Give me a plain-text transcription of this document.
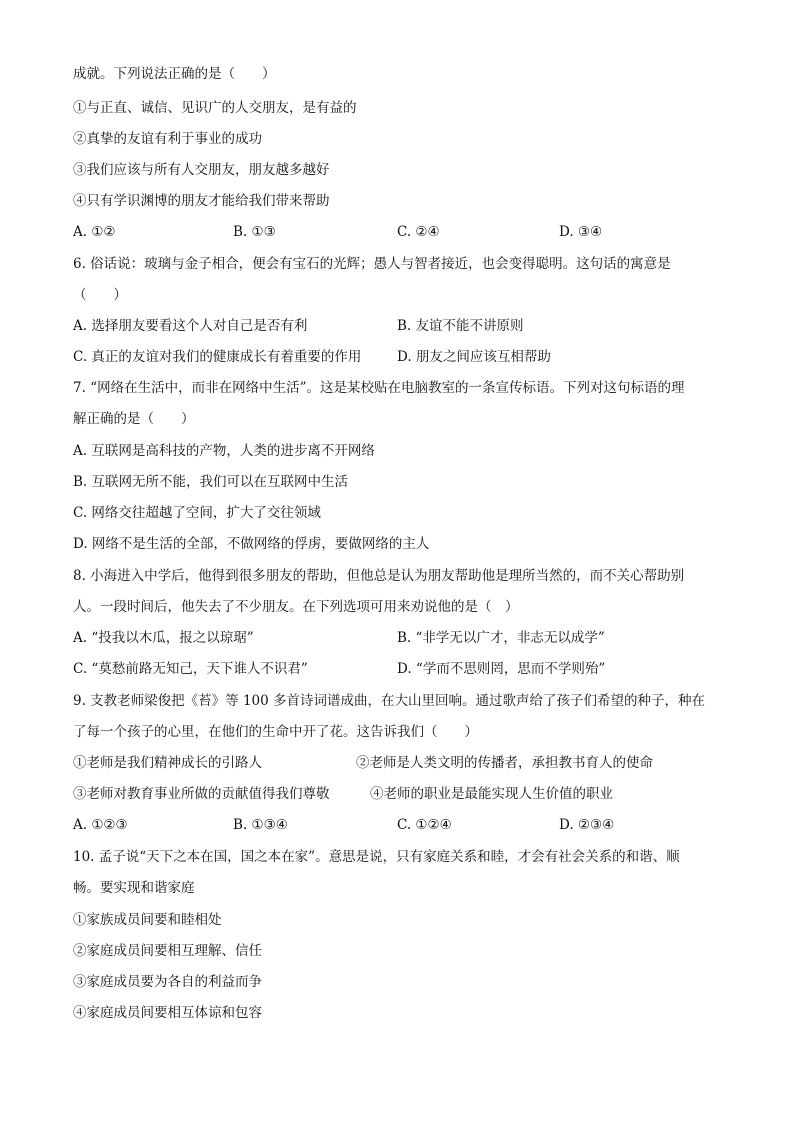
成就。下列说法正确的是（　　）
①与正直、诚信、见识广的人交朋友，是有益的
②真挚的友谊有利于事业的成功
③我们应该与所有人交朋友，朋友越多越好
④只有学识渊博的朋友才能给我们带来帮助
A. ①②	B. ①③	C. ②④	D. ③④
6. 俗话说：玻璃与金子相合，便会有宝石的光辉；愚人与智者接近，也会变得聪明。这句话的寓意是
（　　）
A. 选择朋友要看这个人对自己是否有利	B. 友谊不能不讲原则
C. 真正的友谊对我们的健康成长有着重要的作用	D. 朋友之间应该互相帮助
7. “网络在生活中，而非在网络中生活”。这是某校贴在电脑教室的一条宣传标语。下列对这句标语的理
解正确的是（　　）
A. 互联网是高科技的产物，人类的进步离不开网络
B. 互联网无所不能，我们可以在互联网中生活
C. 网络交往超越了空间，扩大了交往领域
D. 网络不是生活的全部，不做网络的俘虏，要做网络的主人
8. 小海进入中学后，他得到很多朋友的帮助，但他总是认为朋友帮助他是理所当然的，而不关心帮助别
人。一段时间后，他失去了不少朋友。在下列选项可用来劝说他的是（　）
A. “投我以木瓜，报之以琼琚”	B. “非学无以广才，非志无以成学”
C. “莫愁前路无知己，天下谁人不识君”	D. “学而不思则罔，思而不学则殆”
9. 支教老师梁俊把《苔》等 100 多首诗词谱成曲，在大山里回响。通过歌声给了孩子们希望的种子，种在
了每一个孩子的心里，在他们的生命中开了花。这告诉我们（　　）
①老师是我们精神成长的引路人	②老师是人类文明的传播者，承担教书育人的使命
③老师对教育事业所做的贡献值得我们尊敬	④老师的职业是最能实现人生价值的职业
A. ①②③	B. ①③④	C. ①②④	D. ②③④
10. 孟子说“天下之本在国，国之本在家”。意思是说，只有家庭关系和睦，才会有社会关系的和谐、顺
畅。要实现和谐家庭
①家族成员间要和睦相处
②家庭成员间要相互理解、信任
③家庭成员要为各自的利益而争
④家庭成员间要相互体谅和包容
